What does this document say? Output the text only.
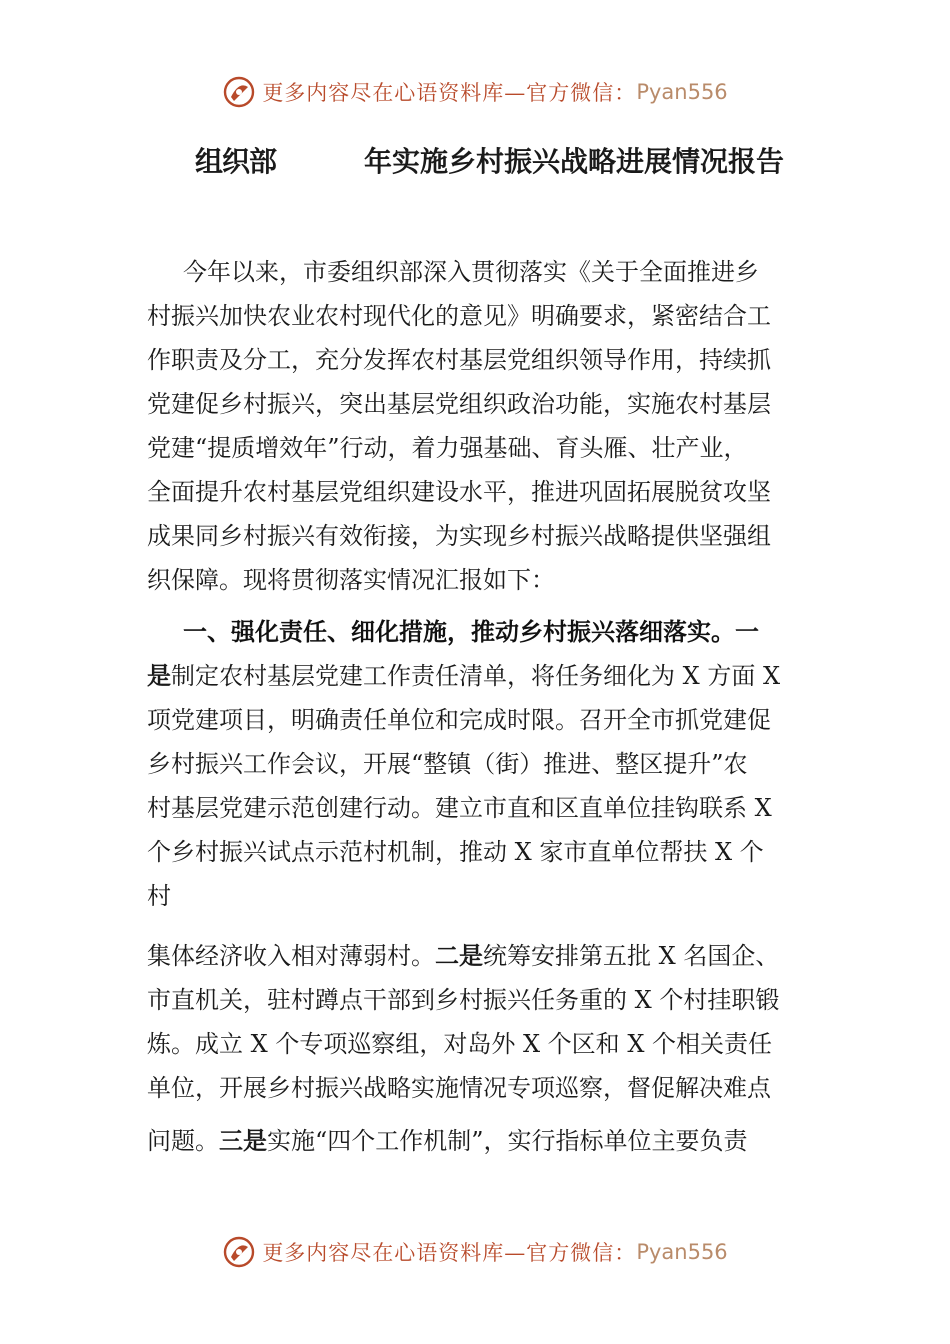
更多内容尽在心语资料库—官方微信： Pyan556
组织部	年实施乡村振兴战略进展情况报告
今年以来，市委组织部深入贯彻落实《关于全面推进乡
村振兴加快农业农村现代化的意见》明确要求，紧密结合工
作职责及分工，充分发挥农村基层党组织领导作用，持续抓
党建促乡村振兴，突出基层党组织政治功能，实施农村基层
党建“提质增效年”行动，着力强基础、育头雁、壮产业，
全面提升农村基层党组织建设水平，推进巩固拓展脱贫攻坚
成果同乡村振兴有效衔接，为实现乡村振兴战略提供坚强组
织保障。现将贯彻落实情况汇报如下：
一、强化责任、细化措施，推动乡村振兴落细落实。一
是制定农村基层党建工作责任清单，将任务细化为 X 方面 X
项党建项目，明确责任单位和完成时限。召开全市抓党建促
乡村振兴工作会议，开展“整镇（街）推进、整区提升”农
村基层党建示范创建行动。建立市直和区直单位挂钩联系 X
个乡村振兴试点示范村机制，推动 X 家市直单位帮扶 X 个
村
集体经济收入相对薄弱村。二是统筹安排第五批 X 名国企、
市直机关，驻村蹲点干部到乡村振兴任务重的 X 个村挂职锻
炼。成立 X 个专项巡察组，对岛外 X 个区和 X 个相关责任
单位，开展乡村振兴战略实施情况专项巡察，督促解决难点
问题。三是实施“四个工作机制”，实行指标单位主要负责
更多内容尽在心语资料库—官方微信： Pyan556
